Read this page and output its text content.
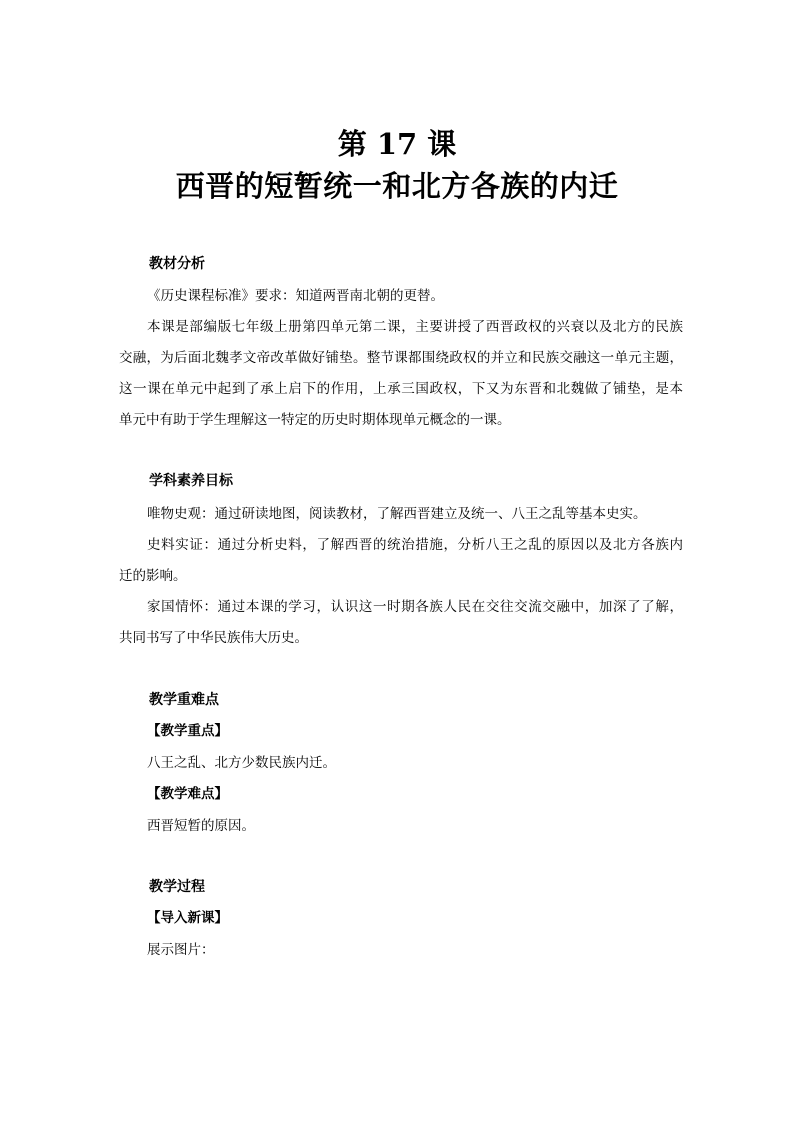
第 17 课
西晋的短暂统一和北方各族的内迁
教材分析
《历史课程标准》要求：知道两晋南北朝的更替。
本课是部编版七年级上册第四单元第二课，主要讲授了西晋政权的兴衰以及北方的民族
交融，为后面北魏孝文帝改革做好铺垫。整节课都围绕政权的并立和民族交融这一单元主题，
这一课在单元中起到了承上启下的作用，上承三国政权，下又为东晋和北魏做了铺垫，是本
单元中有助于学生理解这一特定的历史时期体现单元概念的一课。
学科素养目标
唯物史观：通过研读地图，阅读教材，了解西晋建立及统一、八王之乱等基本史实。
史料实证：通过分析史料，了解西晋的统治措施，分析八王之乱的原因以及北方各族内
迁的影响。
家国情怀：通过本课的学习，认识这一时期各族人民在交往交流交融中，加深了了解，
共同书写了中华民族伟大历史。
教学重难点
【教学重点】
八王之乱、北方少数民族内迁。
【教学难点】
西晋短暂的原因。
教学过程
【导入新课】
展示图片：
